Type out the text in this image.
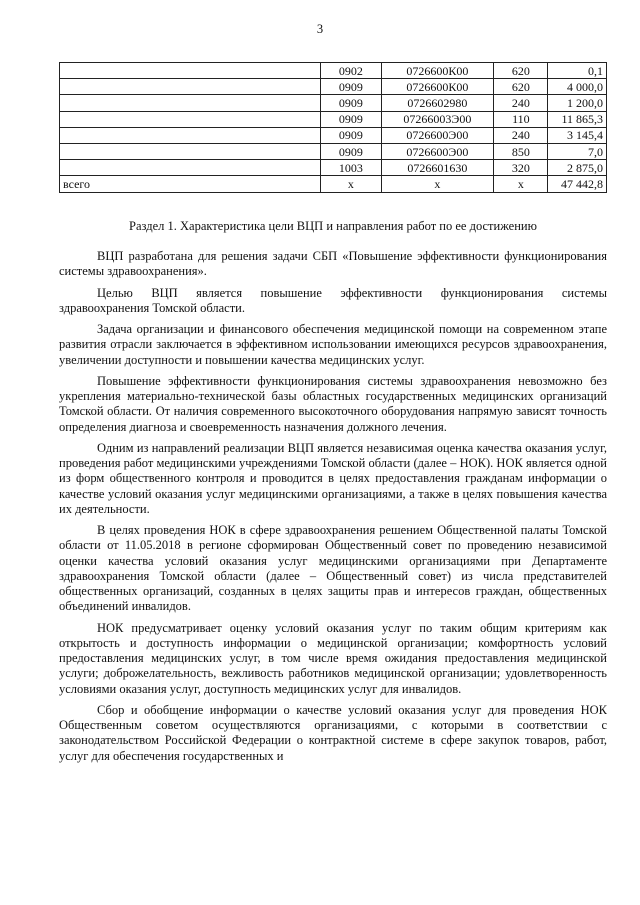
3
	0902	0726600К00	620	0,1
	0909	0726600К00	620	4 000,0
	0909	0726602980	240	1 200,0
	0909	07266003Э00	110	11 865,3
	0909	0726600Э00	240	3 145,4
	0909	0726600Э00	850	7,0
	1003	0726601630	320	2 875,0
всего	х	х	х	47 442,8
Раздел 1. Характеристика цели ВЦП и направления работ по ее достижению

ВЦП разработана для решения задачи СБП «Повышение эффективности функционирования системы здравоохранения».

Целью ВЦП является повышение эффективности функционирования системы здравоохранения Томской области.

Задача организации и финансового обеспечения медицинской помощи на современном этапе развития отрасли заключается в эффективном использовании имеющихся ресурсов здравоохранения, увеличении доступности и повышении качества медицинских услуг.

Повышение эффективности функционирования системы здравоохранения невозможно без укрепления материально-технической базы областных государственных медицинских организаций Томской области. От наличия современного высокоточного оборудования напрямую зависят точность определения диагноза и своевременность назначения должного лечения.

Одним из направлений реализации ВЦП является независимая оценка качества оказания услуг, проведения работ медицинскими учреждениями Томской области (далее – НОК). НОК является одной из форм общественного контроля и проводится в целях предоставления гражданам информации о качестве условий оказания услуг медицинскими организациями, а также в целях повышения качества их деятельности.

В целях проведения НОК в сфере здравоохранения решением Общественной палаты Томской области от 11.05.2018 в регионе сформирован Общественный совет по проведению независимой оценки качества условий оказания услуг медицинскими организациями при Департаменте здравоохранения Томской области (далее – Общественный совет) из числа представителей общественных организаций, созданных в целях защиты прав и интересов граждан, общественных объединений инвалидов.

НОК предусматривает оценку условий оказания услуг по таким общим критериям как открытость и доступность информации о медицинской организации; комфортность условий предоставления медицинских услуг, в том числе время ожидания предоставления медицинской услуги; доброжелательность, вежливость работников медицинской организации; удовлетворенность условиями оказания услуг, доступность медицинских услуг для инвалидов.

Сбор и обобщение информации о качестве условий оказания услуг для проведения НОК Общественным советом осуществляются организациями, с которыми в соответствии с законодательством Российской Федерации о контрактной системе в сфере закупок товаров, работ, услуг для обеспечения государственных и
